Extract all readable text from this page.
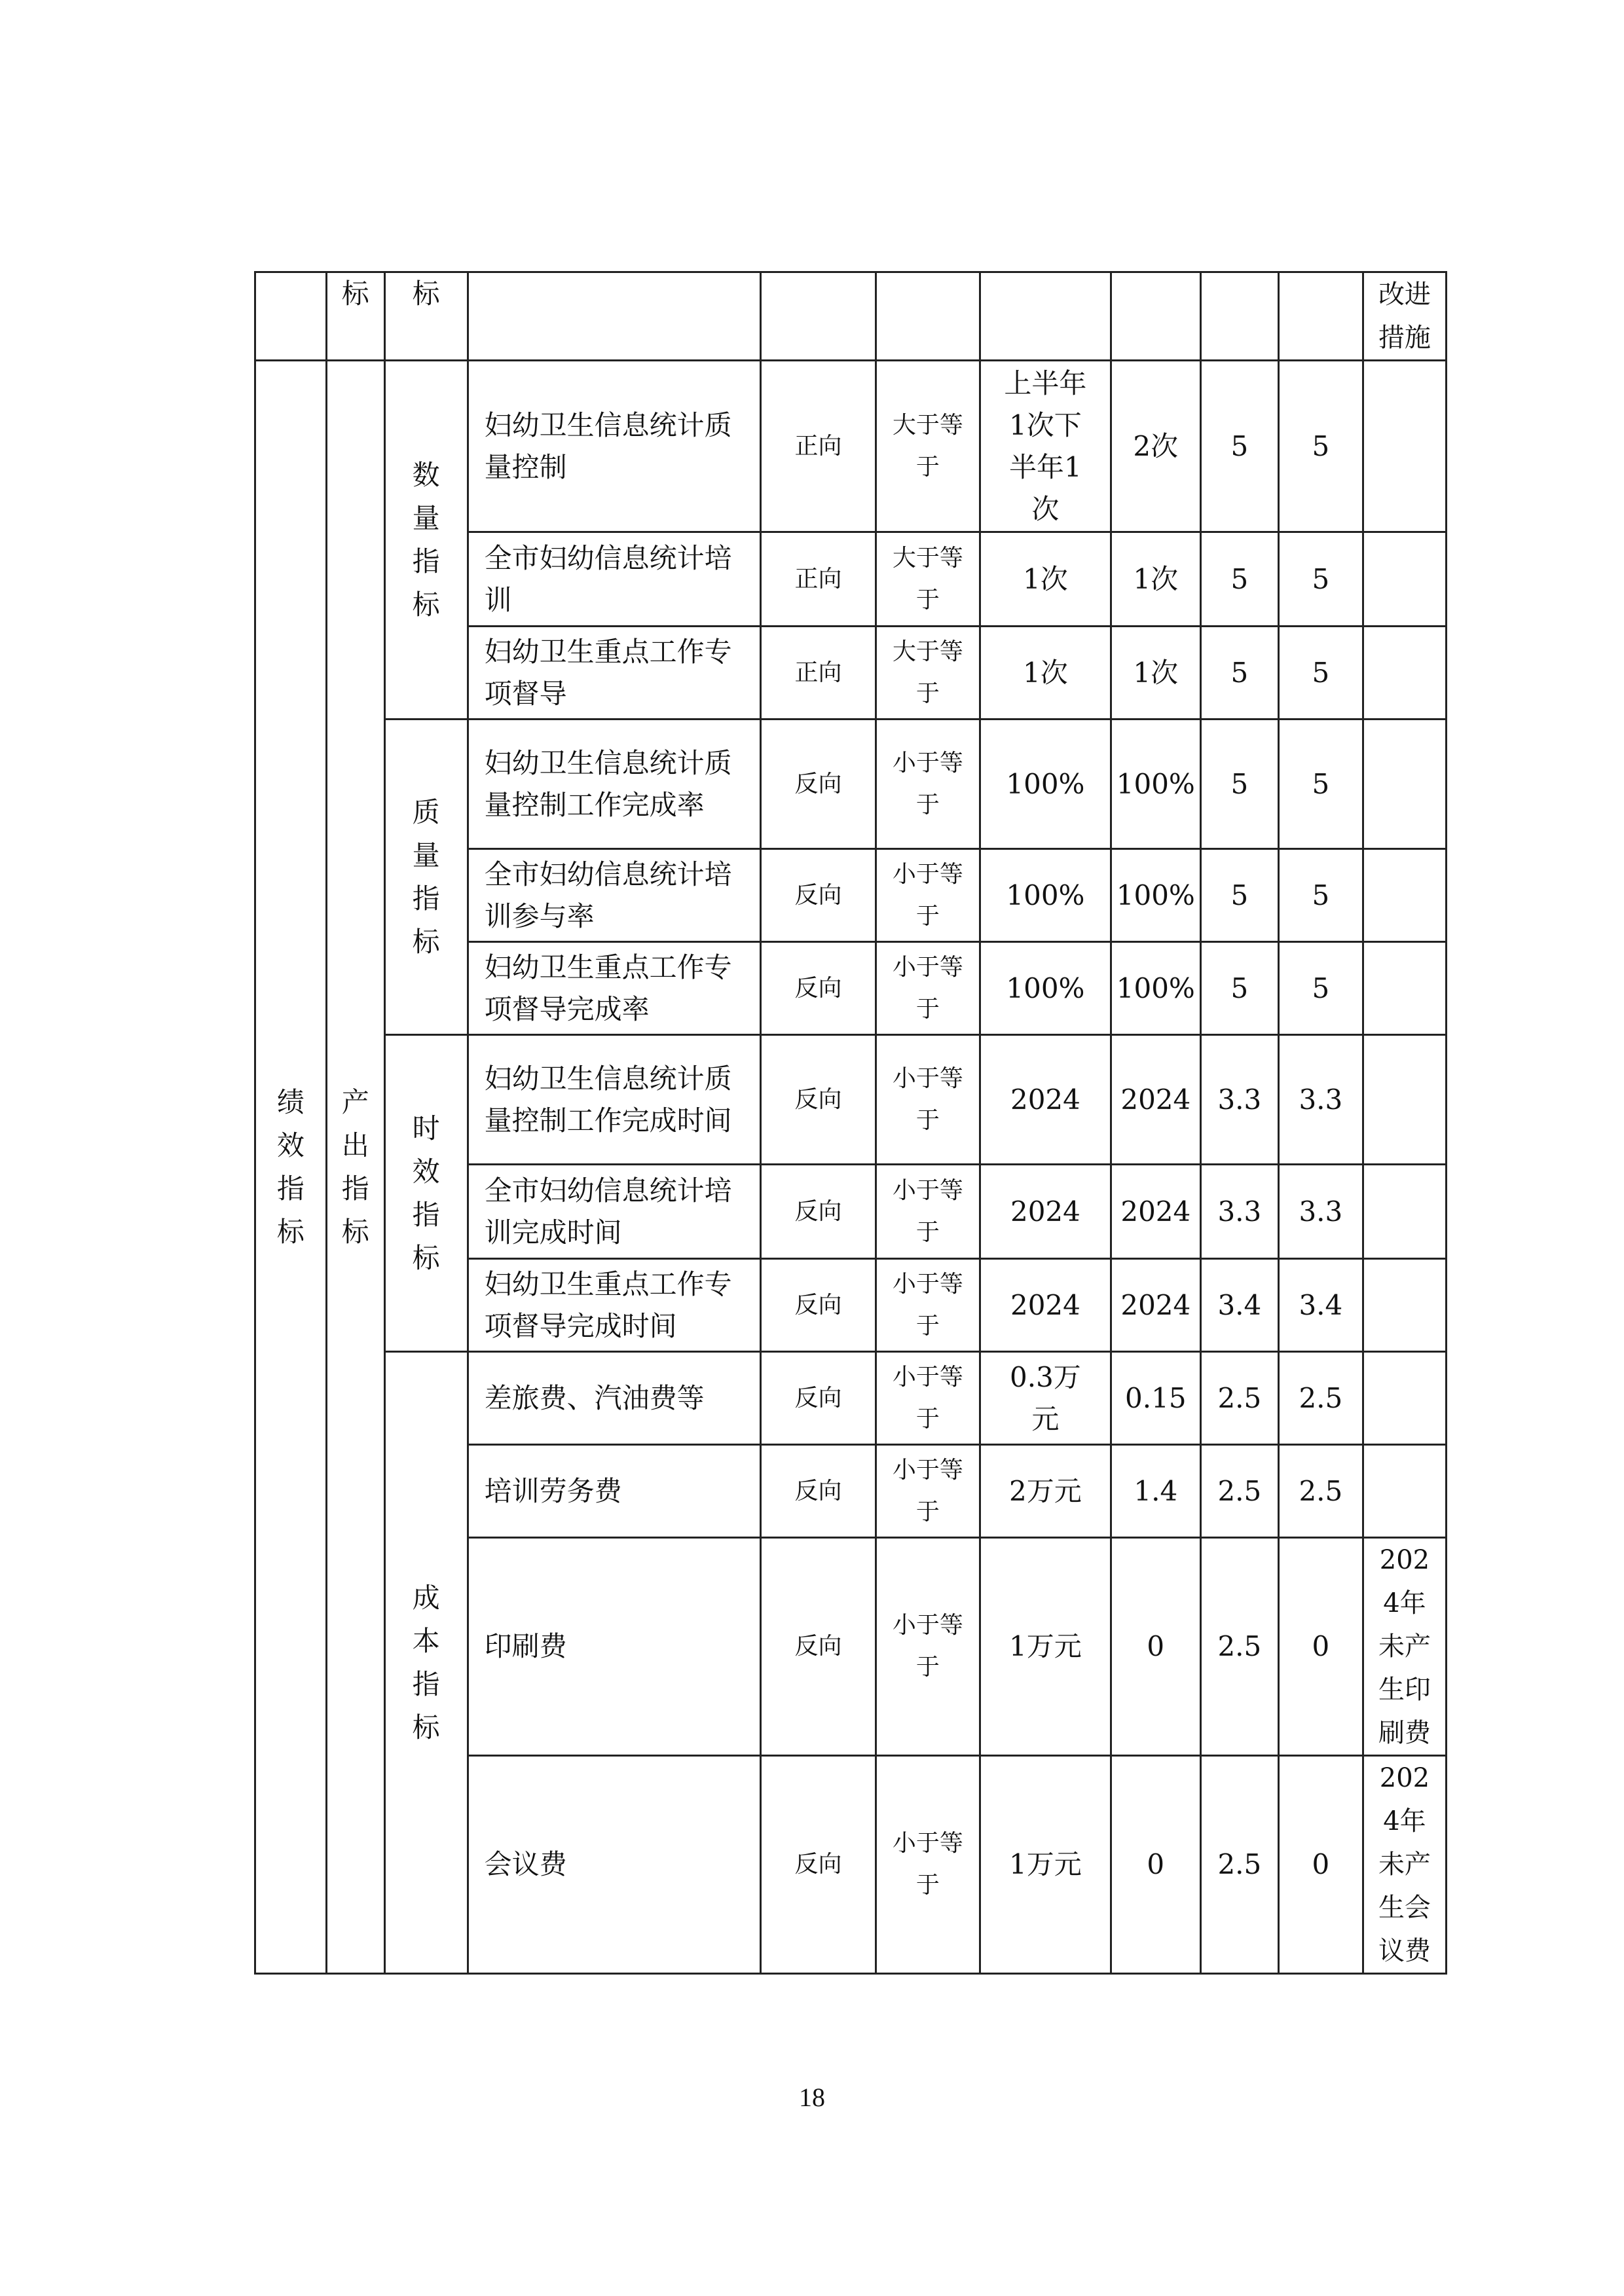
	标	标								改进措施
绩效指标	产出指标	数量指标	妇幼卫生信息统计质量控制	正向	大于等于	上半年1次下半年1次	2次	5	5	
			全市妇幼信息统计培训	正向	大于等于	1次	1次	5	5	
			妇幼卫生重点工作专项督导	正向	大于等于	1次	1次	5	5	
		质量指标	妇幼卫生信息统计质量控制工作完成率	反向	小于等于	100%	100%	5	5	
			全市妇幼信息统计培训参与率	反向	小于等于	100%	100%	5	5	
			妇幼卫生重点工作专项督导完成率	反向	小于等于	100%	100%	5	5	
		时效指标	妇幼卫生信息统计质量控制工作完成时间	反向	小于等于	2024	2024	3.3	3.3	
			全市妇幼信息统计培训完成时间	反向	小于等于	2024	2024	3.3	3.3	
			妇幼卫生重点工作专项督导完成时间	反向	小于等于	2024	2024	3.4	3.4	
		成本指标	差旅费、汽油费等	反向	小于等于	0.3万元	0.15	2.5	2.5	
			培训劳务费	反向	小于等于	2万元	1.4	2.5	2.5	
			印刷费	反向	小于等于	1万元	0	2.5	0	2024年未产生印刷费
			会议费	反向	小于等于	1万元	0	2.5	0	2024年未产生会议费
18
